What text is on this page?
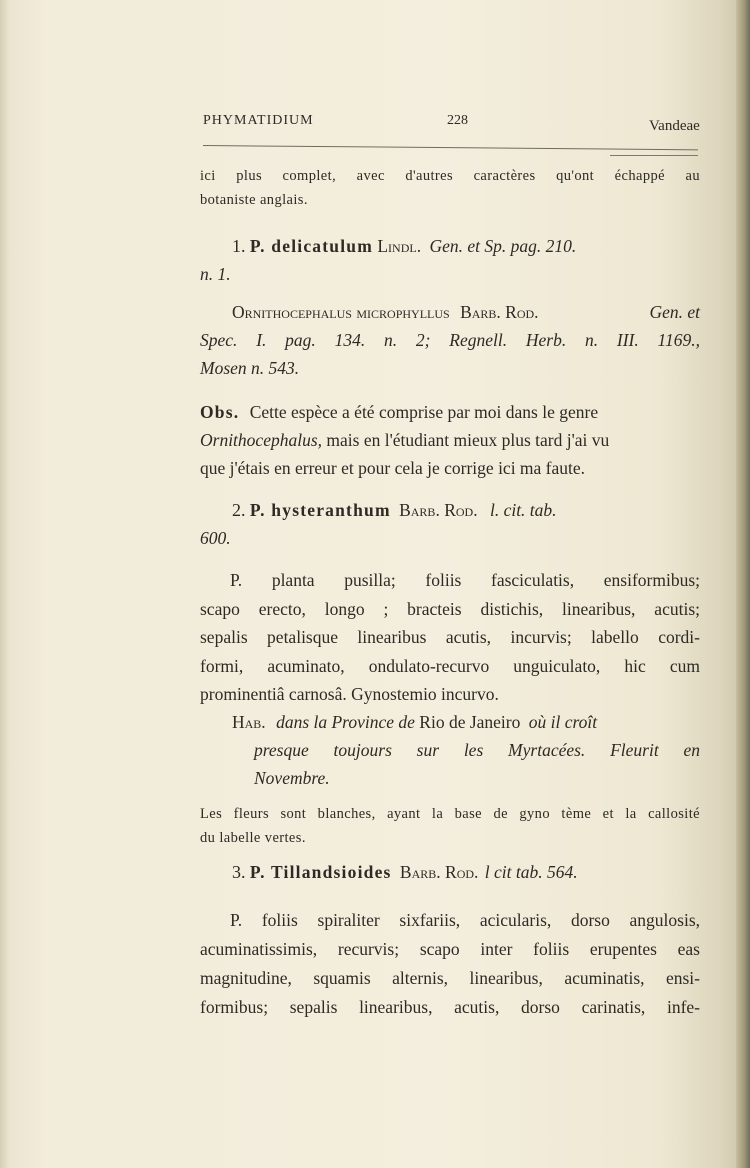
PHYMATIDIUM	228	Vandeae
ici plus complet, avec d'autres caractères qu'ont échappé au
botaniste anglais.
1. P. delicatulum Lindl. Gen. et Sp. pag. 210.
n. 1.
Ornithocephalus microphyllus Barb. Rod.	Gen. et
Spec. I. pag. 134. n. 2; Regnell. Herb. n. III. 1169.,
Mosen n. 543.
Obs. Cette espèce a été comprise par moi dans le genre
Ornithocephalus, mais en l'étudiant mieux plus tard j'ai vu
que j'étais en erreur et pour cela je corrige ici ma faute.
2. P. hysteranthum Barb. Rod. l. cit. tab.
600.
P. planta pusilla; foliis fasciculatis, ensiformibus;
scapo erecto, longo ; bracteis distichis, linearibus, acutis;
sepalis petalisque linearibus acutis, incurvis; labello cordi-
formi, acuminato, ondulato-recurvo unguiculato, hic cum
prominentiâ carnosâ. Gynostemio incurvo.
Hab. dans la Province de Rio de Janeiro où il croît
presque toujours sur les Myrtacées. Fleurit en
Novembre.
Les fleurs sont blanches, ayant la base de gyno tème et la callosité
du labelle vertes.
3. P. Tillandsioides Barb. Rod. l cit tab. 564.
P. foliis spiraliter sixfariis, acicularis, dorso angulosis,
acuminatissimis, recurvis; scapo inter foliis erupentes eas
magnitudine, squamis alternis, linearibus, acuminatis, ensi-
formibus; sepalis linearibus, acutis, dorso carinatis, infe-
